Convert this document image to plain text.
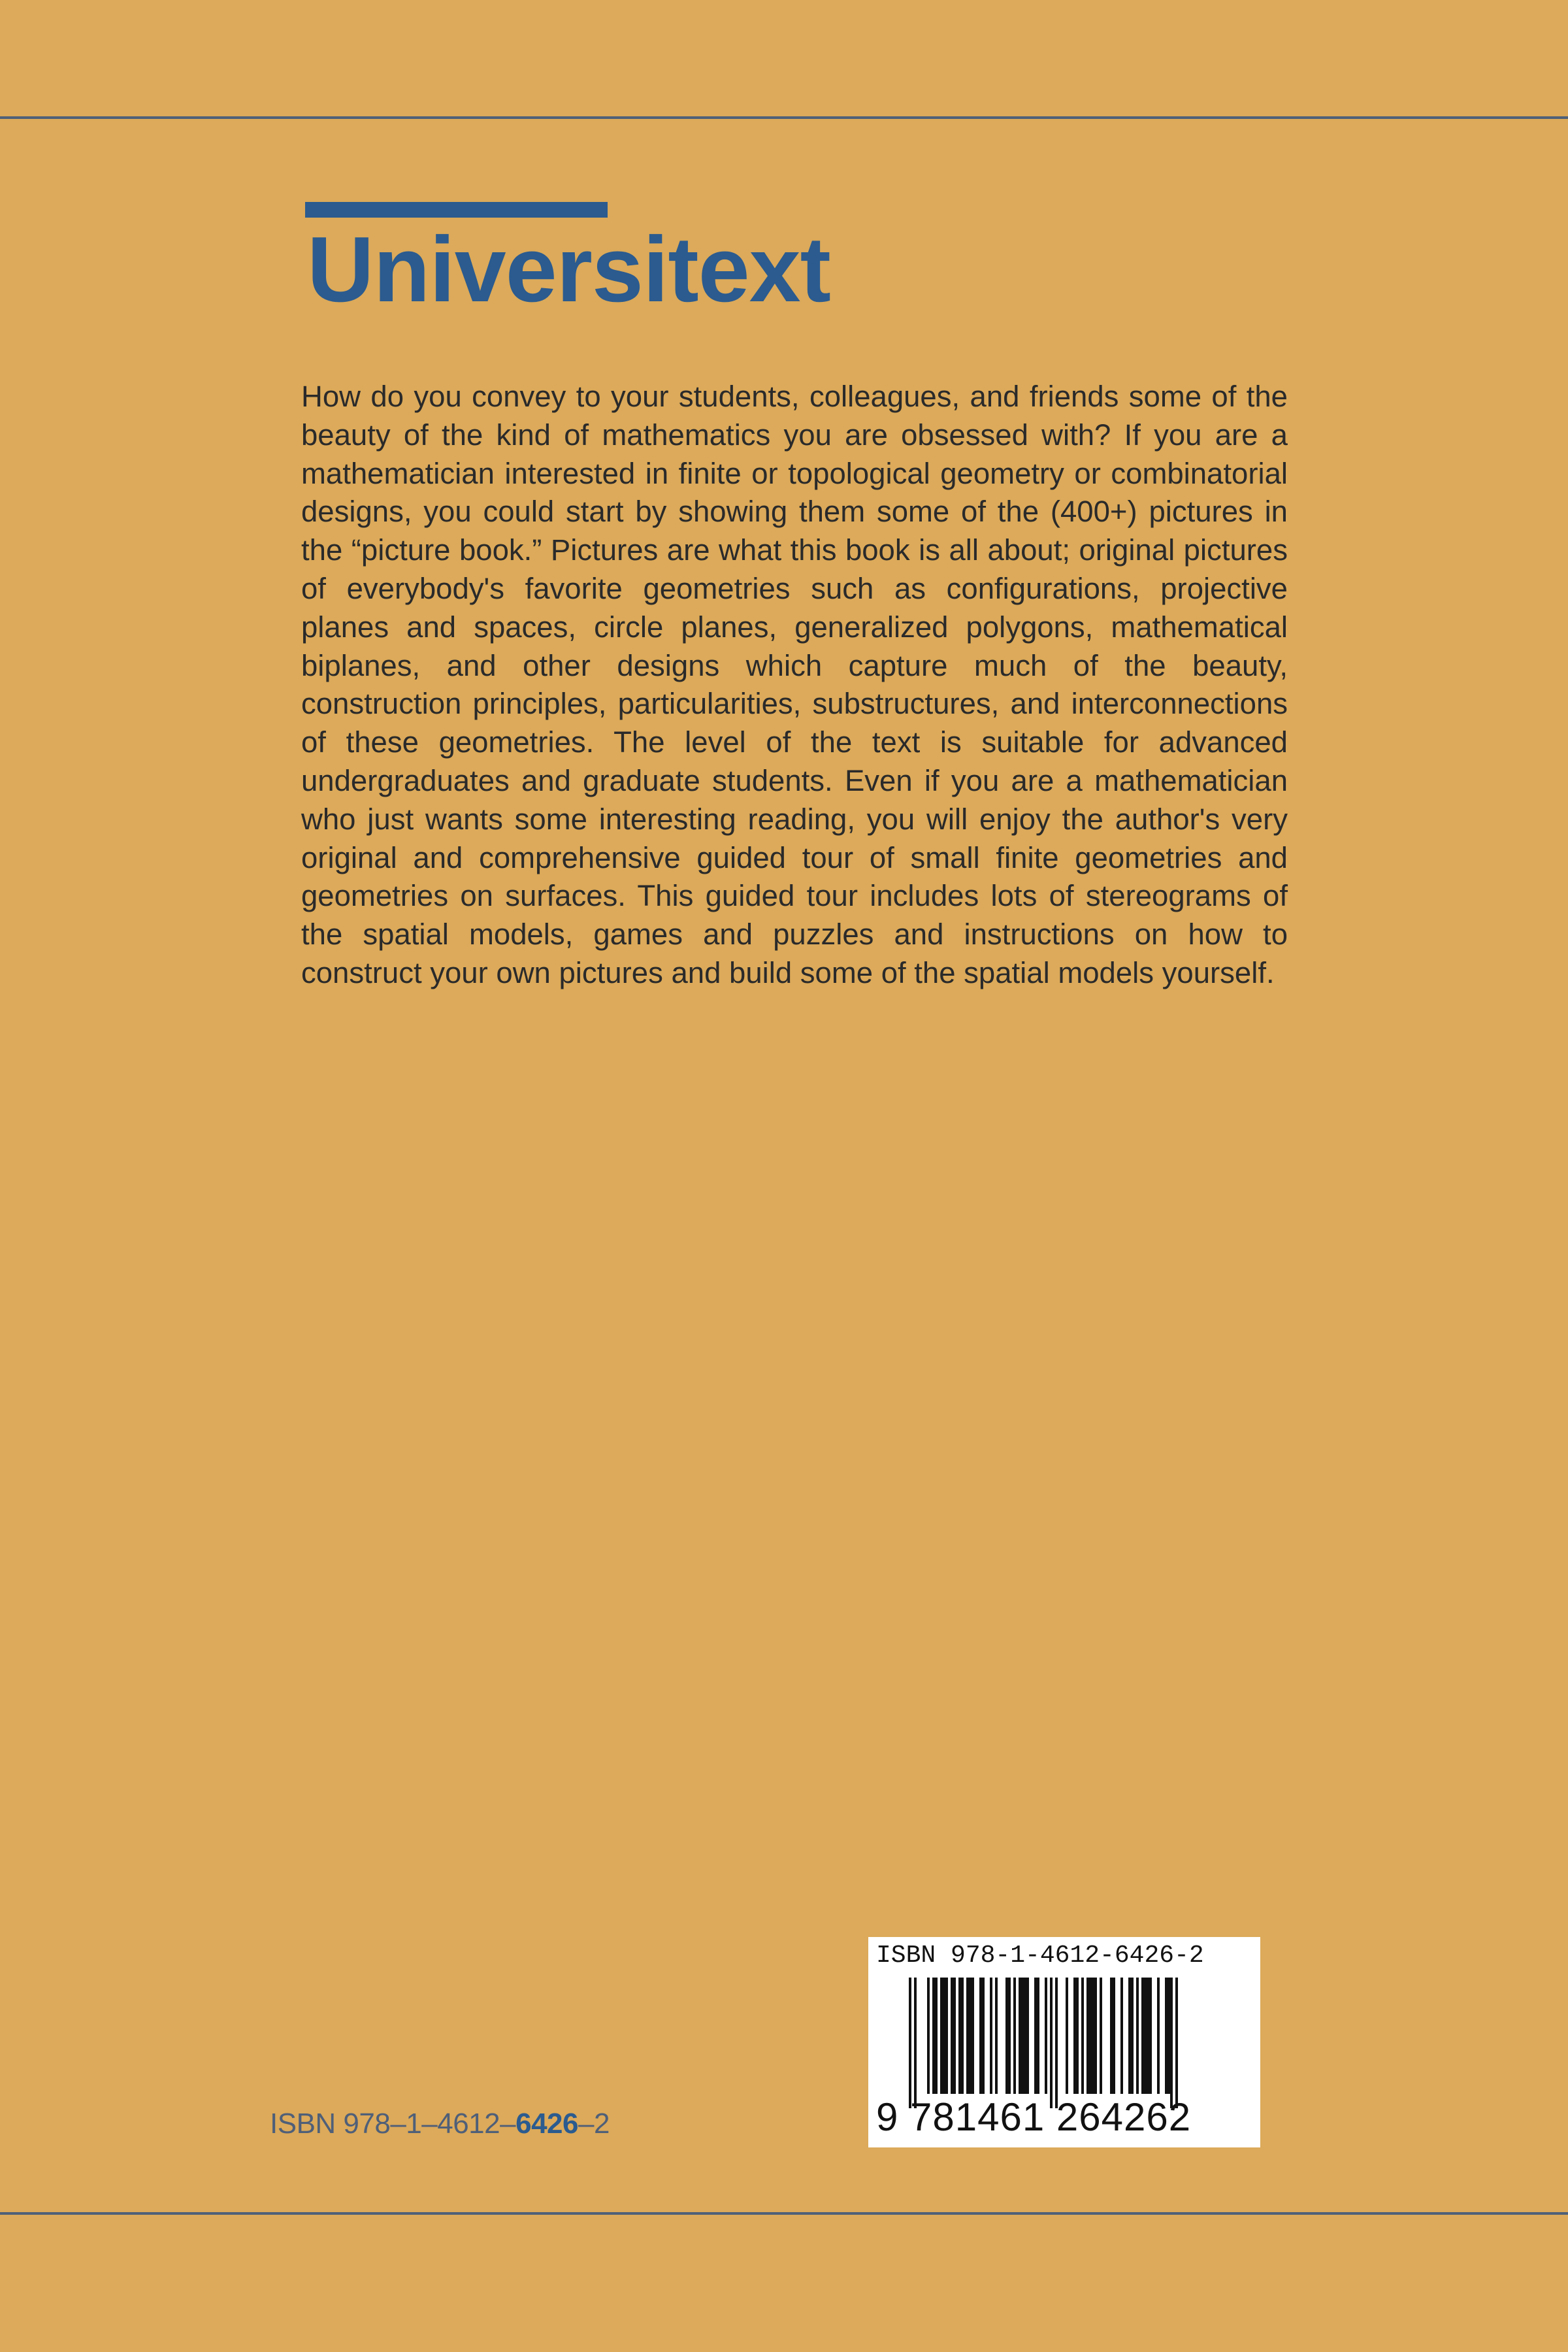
Universitext

How do you convey to your students, colleagues, and friends some of the beauty of the kind of mathematics you are obsessed with? If you are a mathematician interested in finite or topological geometry or combinatorial designs, you could start by showing them some of the (400+) pictures in the “picture book.” Pictures are what this book is all about; original pictures of everybody's favorite geometries such as configurations, projective planes and spaces, circle planes, generalized polygons, mathematical biplanes, and other designs which capture much of the beauty, construction principles, particularities, substructures, and interconnections of these geometries. The level of the text is suitable for advanced undergraduates and graduate students. Even if you are a mathematician who just wants some interesting reading, you will enjoy the author's very original and comprehensive guided tour of small finite geometries and geometries on surfaces. This guided tour includes lots of stereograms of the spatial models, games and puzzles and instructions on how to construct your own pictures and build some of the spatial models yourself.

ISBN 978–1–4612–6426–2
ISBN 978-1-4612-6426-2
9 781461 264262
